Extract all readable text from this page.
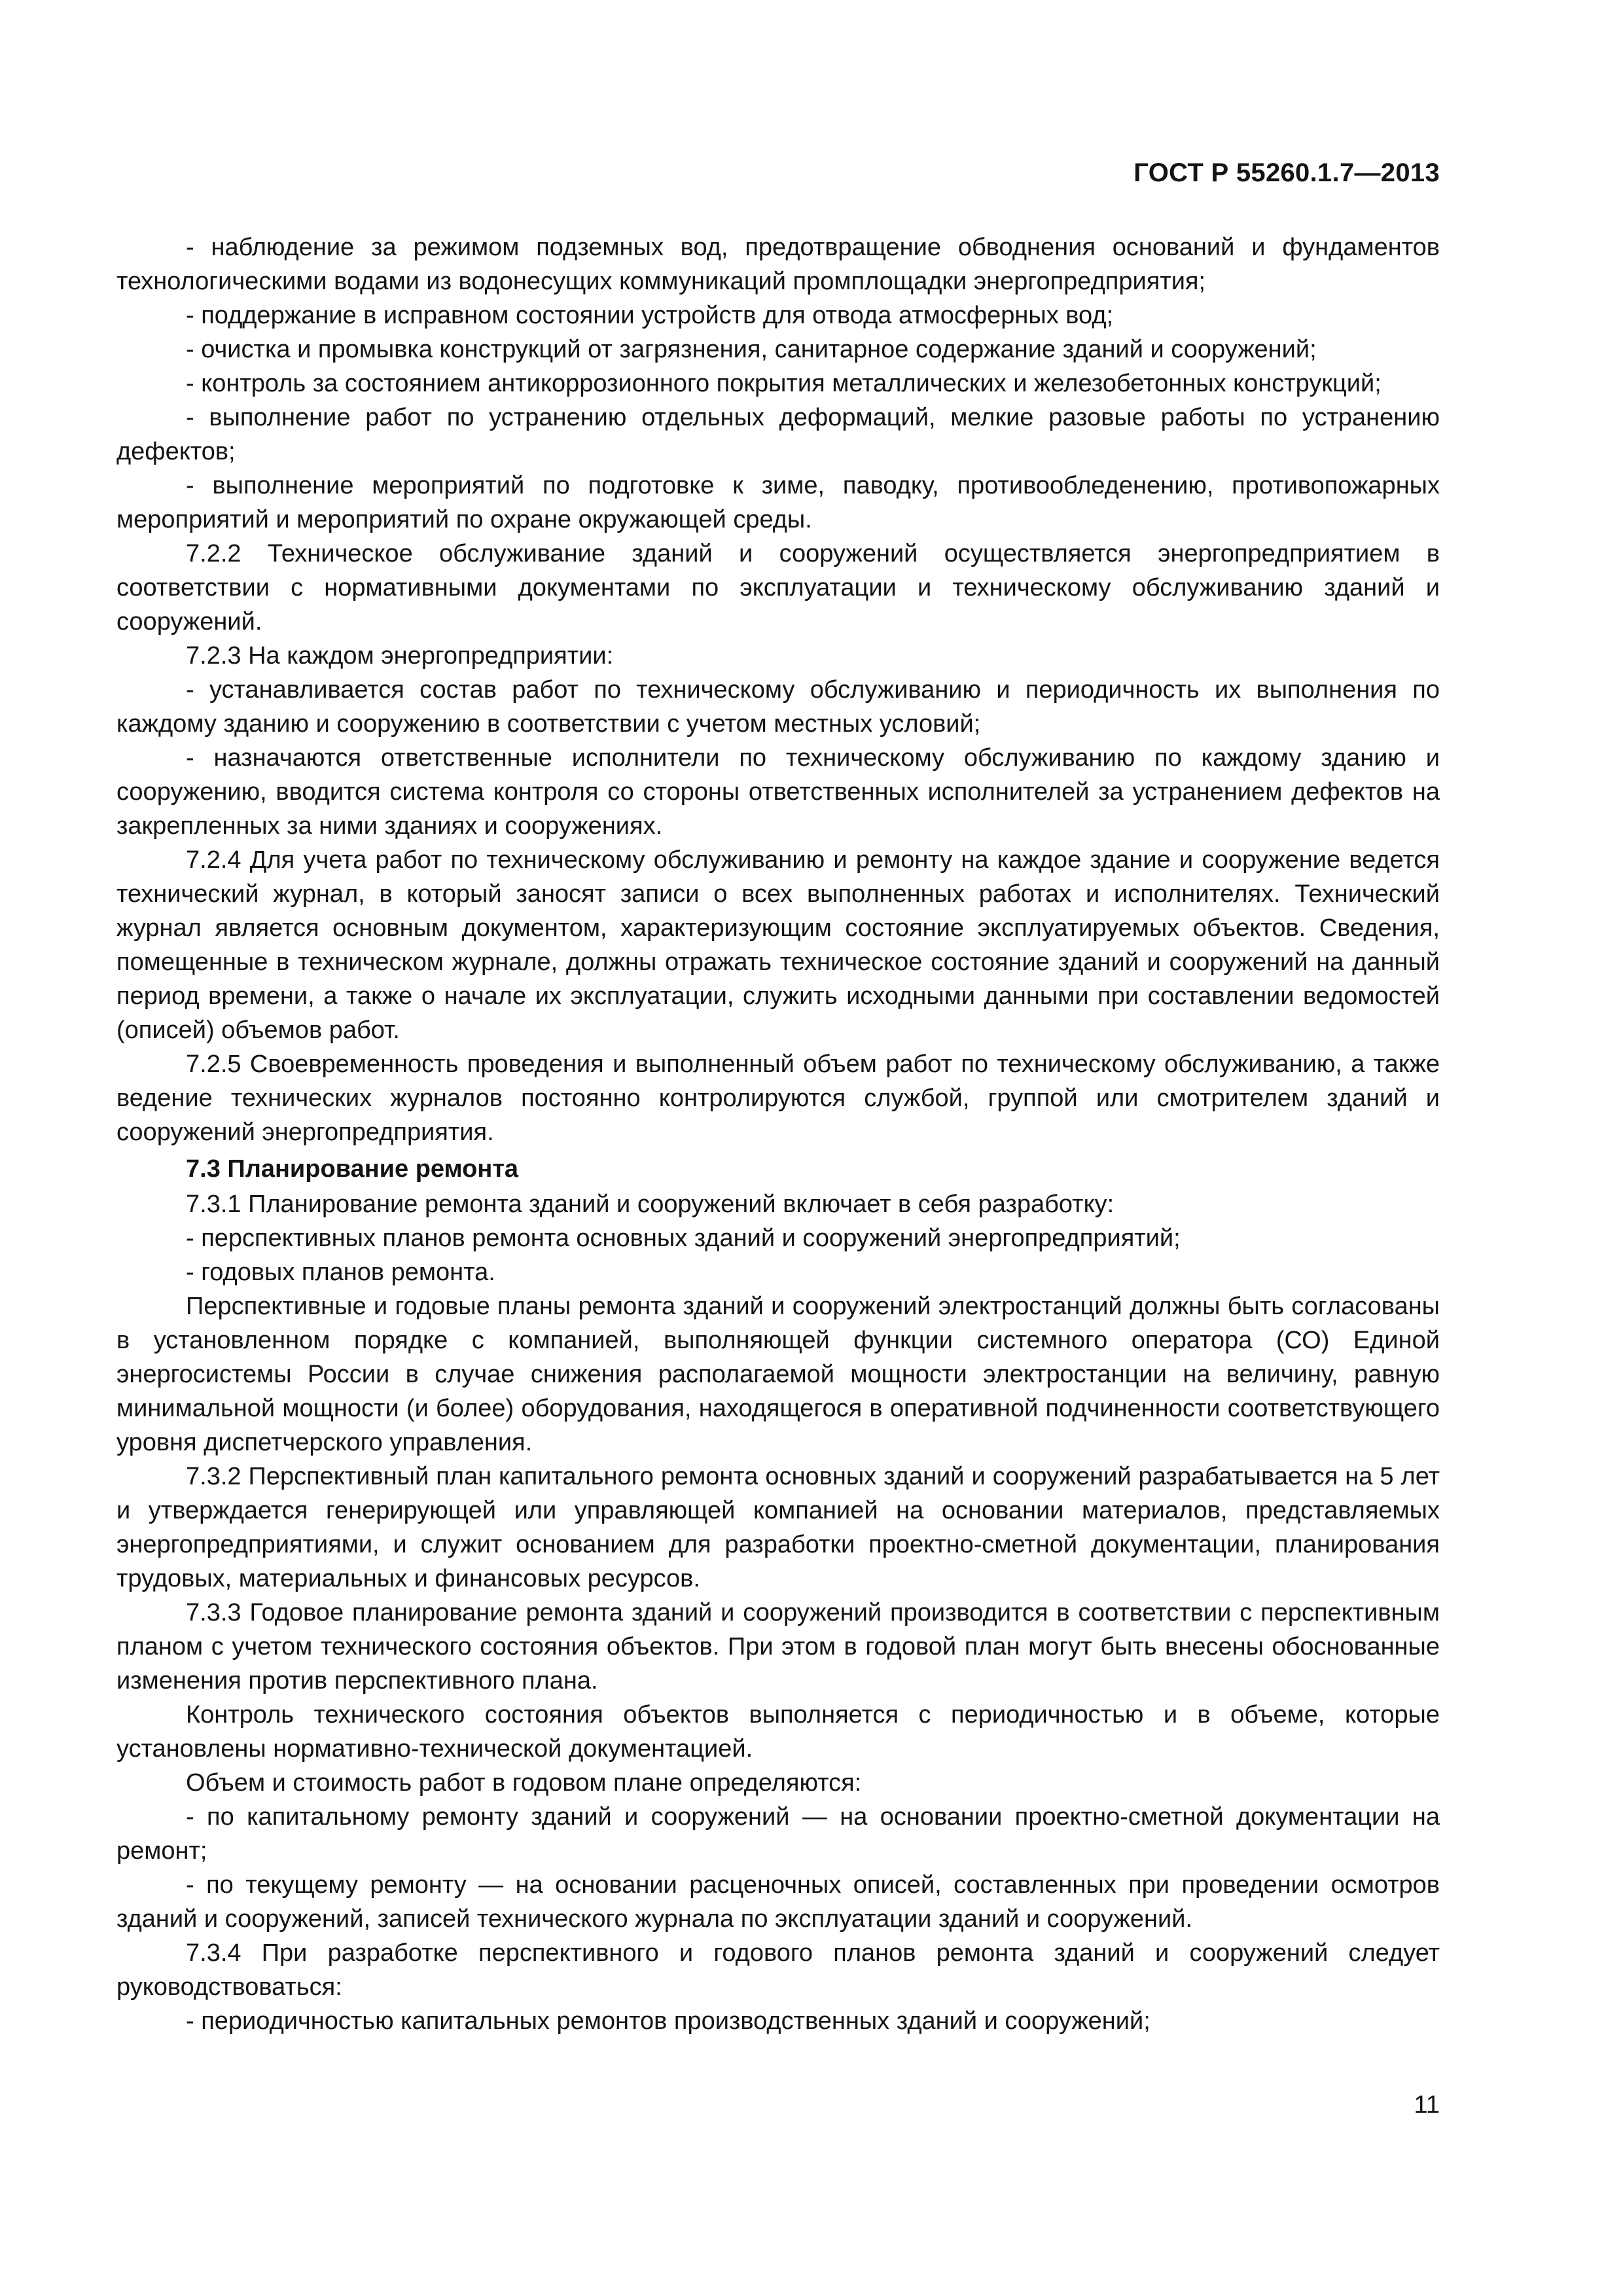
ГОСТ Р 55260.1.7—2013

- наблюдение за режимом подземных вод, предотвращение обводнения оснований и фундаментов технологическими водами из водонесущих коммуникаций промплощадки энергопредприятия;

- поддержание в исправном состоянии устройств для отвода атмосферных вод;

- очистка и промывка конструкций от загрязнения, санитарное содержание зданий и сооружений;

- контроль за состоянием антикоррозионного покрытия металлических и железобетонных конструкций;

- выполнение работ по устранению отдельных деформаций, мелкие разовые работы по устранению дефектов;

- выполнение мероприятий по подготовке к зиме, паводку, противообледенению, противопожарных мероприятий и мероприятий по охране окружающей среды.

7.2.2 Техническое обслуживание зданий и сооружений осуществляется энергопредприятием в соответствии с нормативными документами по эксплуатации и техническому обслуживанию зданий и сооружений.

7.2.3 На каждом энергопредприятии:

- устанавливается состав работ по техническому обслуживанию и периодичность их выполнения по каждому зданию и сооружению в соответствии с учетом местных условий;

- назначаются ответственные исполнители по техническому обслуживанию по каждому зданию и сооружению, вводится система контроля со стороны ответственных исполнителей за устранением дефектов на закрепленных за ними зданиях и сооружениях.

7.2.4 Для учета работ по техническому обслуживанию и ремонту на каждое здание и сооружение ведется технический журнал, в который заносят записи о всех выполненных работах и исполнителях. Технический журнал является основным документом, характеризующим состояние эксплуатируемых объектов. Сведения, помещенные в техническом журнале, должны отражать техническое состояние зданий и сооружений на данный период времени, а также о начале их эксплуатации, служить исходными данными при составлении ведомостей (описей) объемов работ.

7.2.5 Своевременность проведения и выполненный объем работ по техническому обслуживанию, а также ведение технических журналов постоянно контролируются службой, группой или смотрителем зданий и сооружений энергопредприятия.

7.3 Планирование ремонта

7.3.1 Планирование ремонта зданий и сооружений включает в себя разработку:

- перспективных планов ремонта основных зданий и сооружений энергопредприятий;

- годовых планов ремонта.

Перспективные и годовые планы ремонта зданий и сооружений электростанций должны быть согласованы в установленном порядке с компанией, выполняющей функции системного оператора (СО) Единой энергосистемы России в случае снижения располагаемой мощности электростанции на величину, равную минимальной мощности (и более) оборудования, находящегося в оперативной подчиненности соответствующего уровня диспетчерского управления.

7.3.2 Перспективный план капитального ремонта основных зданий и сооружений разрабатывается на 5 лет и утверждается генерирующей или управляющей компанией на основании материалов, представляемых энергопредприятиями, и служит основанием для разработки проектно-сметной документации, планирования трудовых, материальных и финансовых ресурсов.

7.3.3 Годовое планирование ремонта зданий и сооружений производится в соответствии с перспективным планом с учетом технического состояния объектов. При этом в годовой план могут быть внесены обоснованные изменения против перспективного плана.

Контроль технического состояния объектов выполняется с периодичностью и в объеме, которые установлены нормативно-технической документацией.

Объем и стоимость работ в годовом плане определяются:

- по капитальному ремонту зданий и сооружений — на основании проектно-сметной документации на ремонт;

- по текущему ремонту — на основании расценочных описей, составленных при проведении осмотров зданий и сооружений, записей технического журнала по эксплуатации зданий и сооружений.

7.3.4 При разработке перспективного и годового планов ремонта зданий и сооружений следует руководствоваться:

- периодичностью капитальных ремонтов производственных зданий и сооружений;

11
